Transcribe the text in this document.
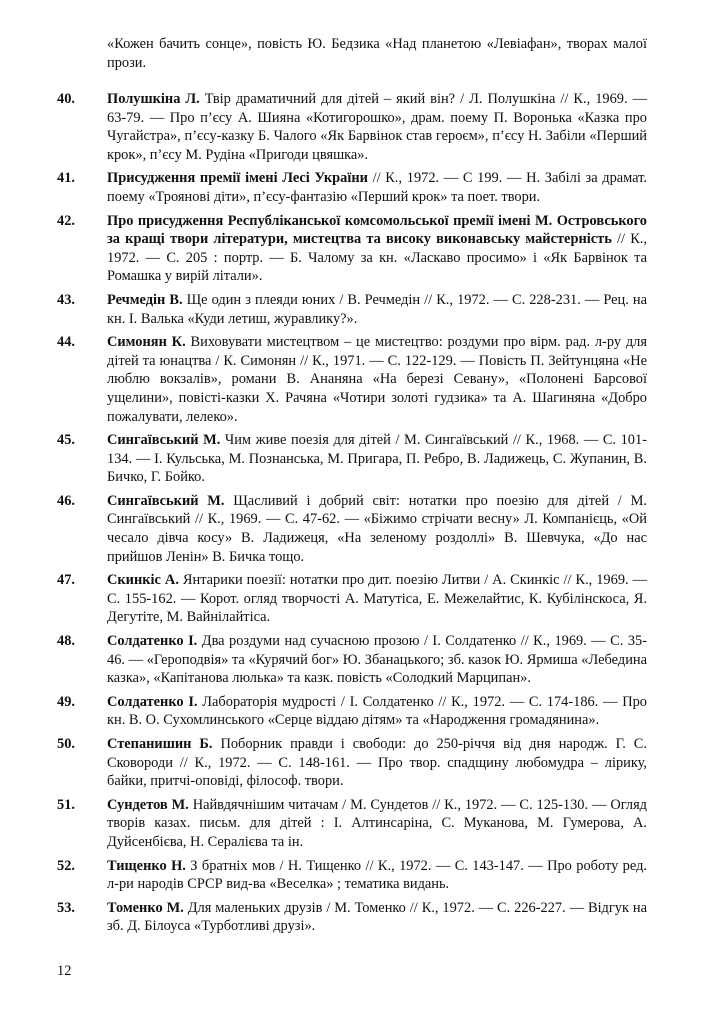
«Кожен бачить сонце», повість Ю. Бедзика «Над планетою «Левіафан», творах малої прози.
40.	Полушкіна Л. Твір драматичний для дітей – який він? / Л. Полушкіна // К., 1969. — 63-79. — Про п’єсу А. Шияна «Котигорошко», драм. поему П. Воронька «Казка про Чугайстра», п’єсу-казку Б. Чалого «Як Барвінок став героєм», п’єсу Н. Забіли «Перший крок», п’єсу М. Рудіна «Пригоди цвяшка».
41.	Присудження премії імені Лесі України // К., 1972. — С 199. — Н. Забілі за драмат. поему «Троянові діти», п’єсу-фантазію «Перший крок» та поет. твори.
42.	Про присудження Республіканської комсомольської премії імені М. Островського за кращі твори літератури, мистецтва та високу виконавську майстерність // К., 1972. — С. 205 : портр. — Б. Чалому за кн. «Ласкаво просимо» і «Як Барвінок та Ромашка у вирій літали».
43.	Речмедін В. Ще один з плеяди юних / В. Речмедін // К., 1972. — С. 228-231. — Рец. на кн. І. Валька «Куди летиш, журавлику?».
44.	Симонян К. Виховувати мистецтвом – це мистецтво: роздуми про вірм. рад. л-ру для дітей та юнацтва / К. Симонян // К., 1971. — С. 122-129. — Повість П. Зейтунцяна «Не люблю вокзалів», романи В. Ананяна «На березі Севану», «Полонені Барсової ущелини», повісті-казки Х. Рачяна «Чотири золоті гудзика» та А. Шагиняна «Добро пожалувати, лелеко».
45.	Сингаївський М. Чим живе поезія для дітей / М. Сингаївський // К., 1968. — С. 101-134. — І. Кульська, М. Познанська, М. Пригара, П. Ребро, В. Ладижець, С. Жупанин, В. Бичко, Г. Бойко.
46.	Сингаївський М. Щасливий і добрий світ: нотатки про поезію для дітей / М. Сингаївський // К., 1969. — С. 47-62. — «Біжимо стрічати весну» Л. Компанієць, «Ой чесало дівча косу» В. Ладижеця, «На зеленому роздоллі» В. Шевчука, «До нас прийшов Ленін» В. Бичка тощо.
47.	Скинкіс А. Янтарики поезії: нотатки про дит. поезію Литви / А. Скинкіс // К., 1969. — С. 155-162. — Корот. огляд творчості А. Матутіса, Е. Межелайтис, К. Кубілінскоса, Я. Дегутіте, М. Вайнілайтіса.
48.	Солдатенко І. Два роздуми над сучасною прозою / І. Солдатенко // К., 1969. — С. 35-46. — «Героподвія» та «Курячий бог» Ю. Збанацького; зб. казок Ю. Ярмиша «Лебедина казка», «Капітанова люлька» та казк. повість «Солодкий Марципан».
49.	Солдатенко І. Лабораторія мудрості / І. Солдатенко // К., 1972. — С. 174-186. — Про кн. В. О. Сухомлинського «Серце віддаю дітям» та «Народження громадянина».
50.	Степанишин Б. Поборник правди і свободи: до 250-річчя від дня народж. Г. С. Сковороди // К., 1972. — С. 148-161. — Про твор. спадщину любомудра – лірику, байки, притчі-оповіді, філософ. твори.
51.	Сундетов М. Найвдячнішим читачам / М. Сундетов // К., 1972. — С. 125-130. — Огляд творів казах. письм. для дітей : І. Алтинсаріна, С. Муканова, М. Гумерова, А. Дуйсенбієва, Н. Сералієва та ін.
52.	Тищенко Н. З братніх мов / Н. Тищенко // К., 1972. — С. 143-147. — Про роботу ред. л-ри народів СРСР вид-ва «Веселка» ; тематика видань.
53.	Томенко М. Для маленьких друзів / М. Томенко // К., 1972. — С. 226-227. — Відгук на зб. Д. Білоуса «Турботливі друзі».
12
